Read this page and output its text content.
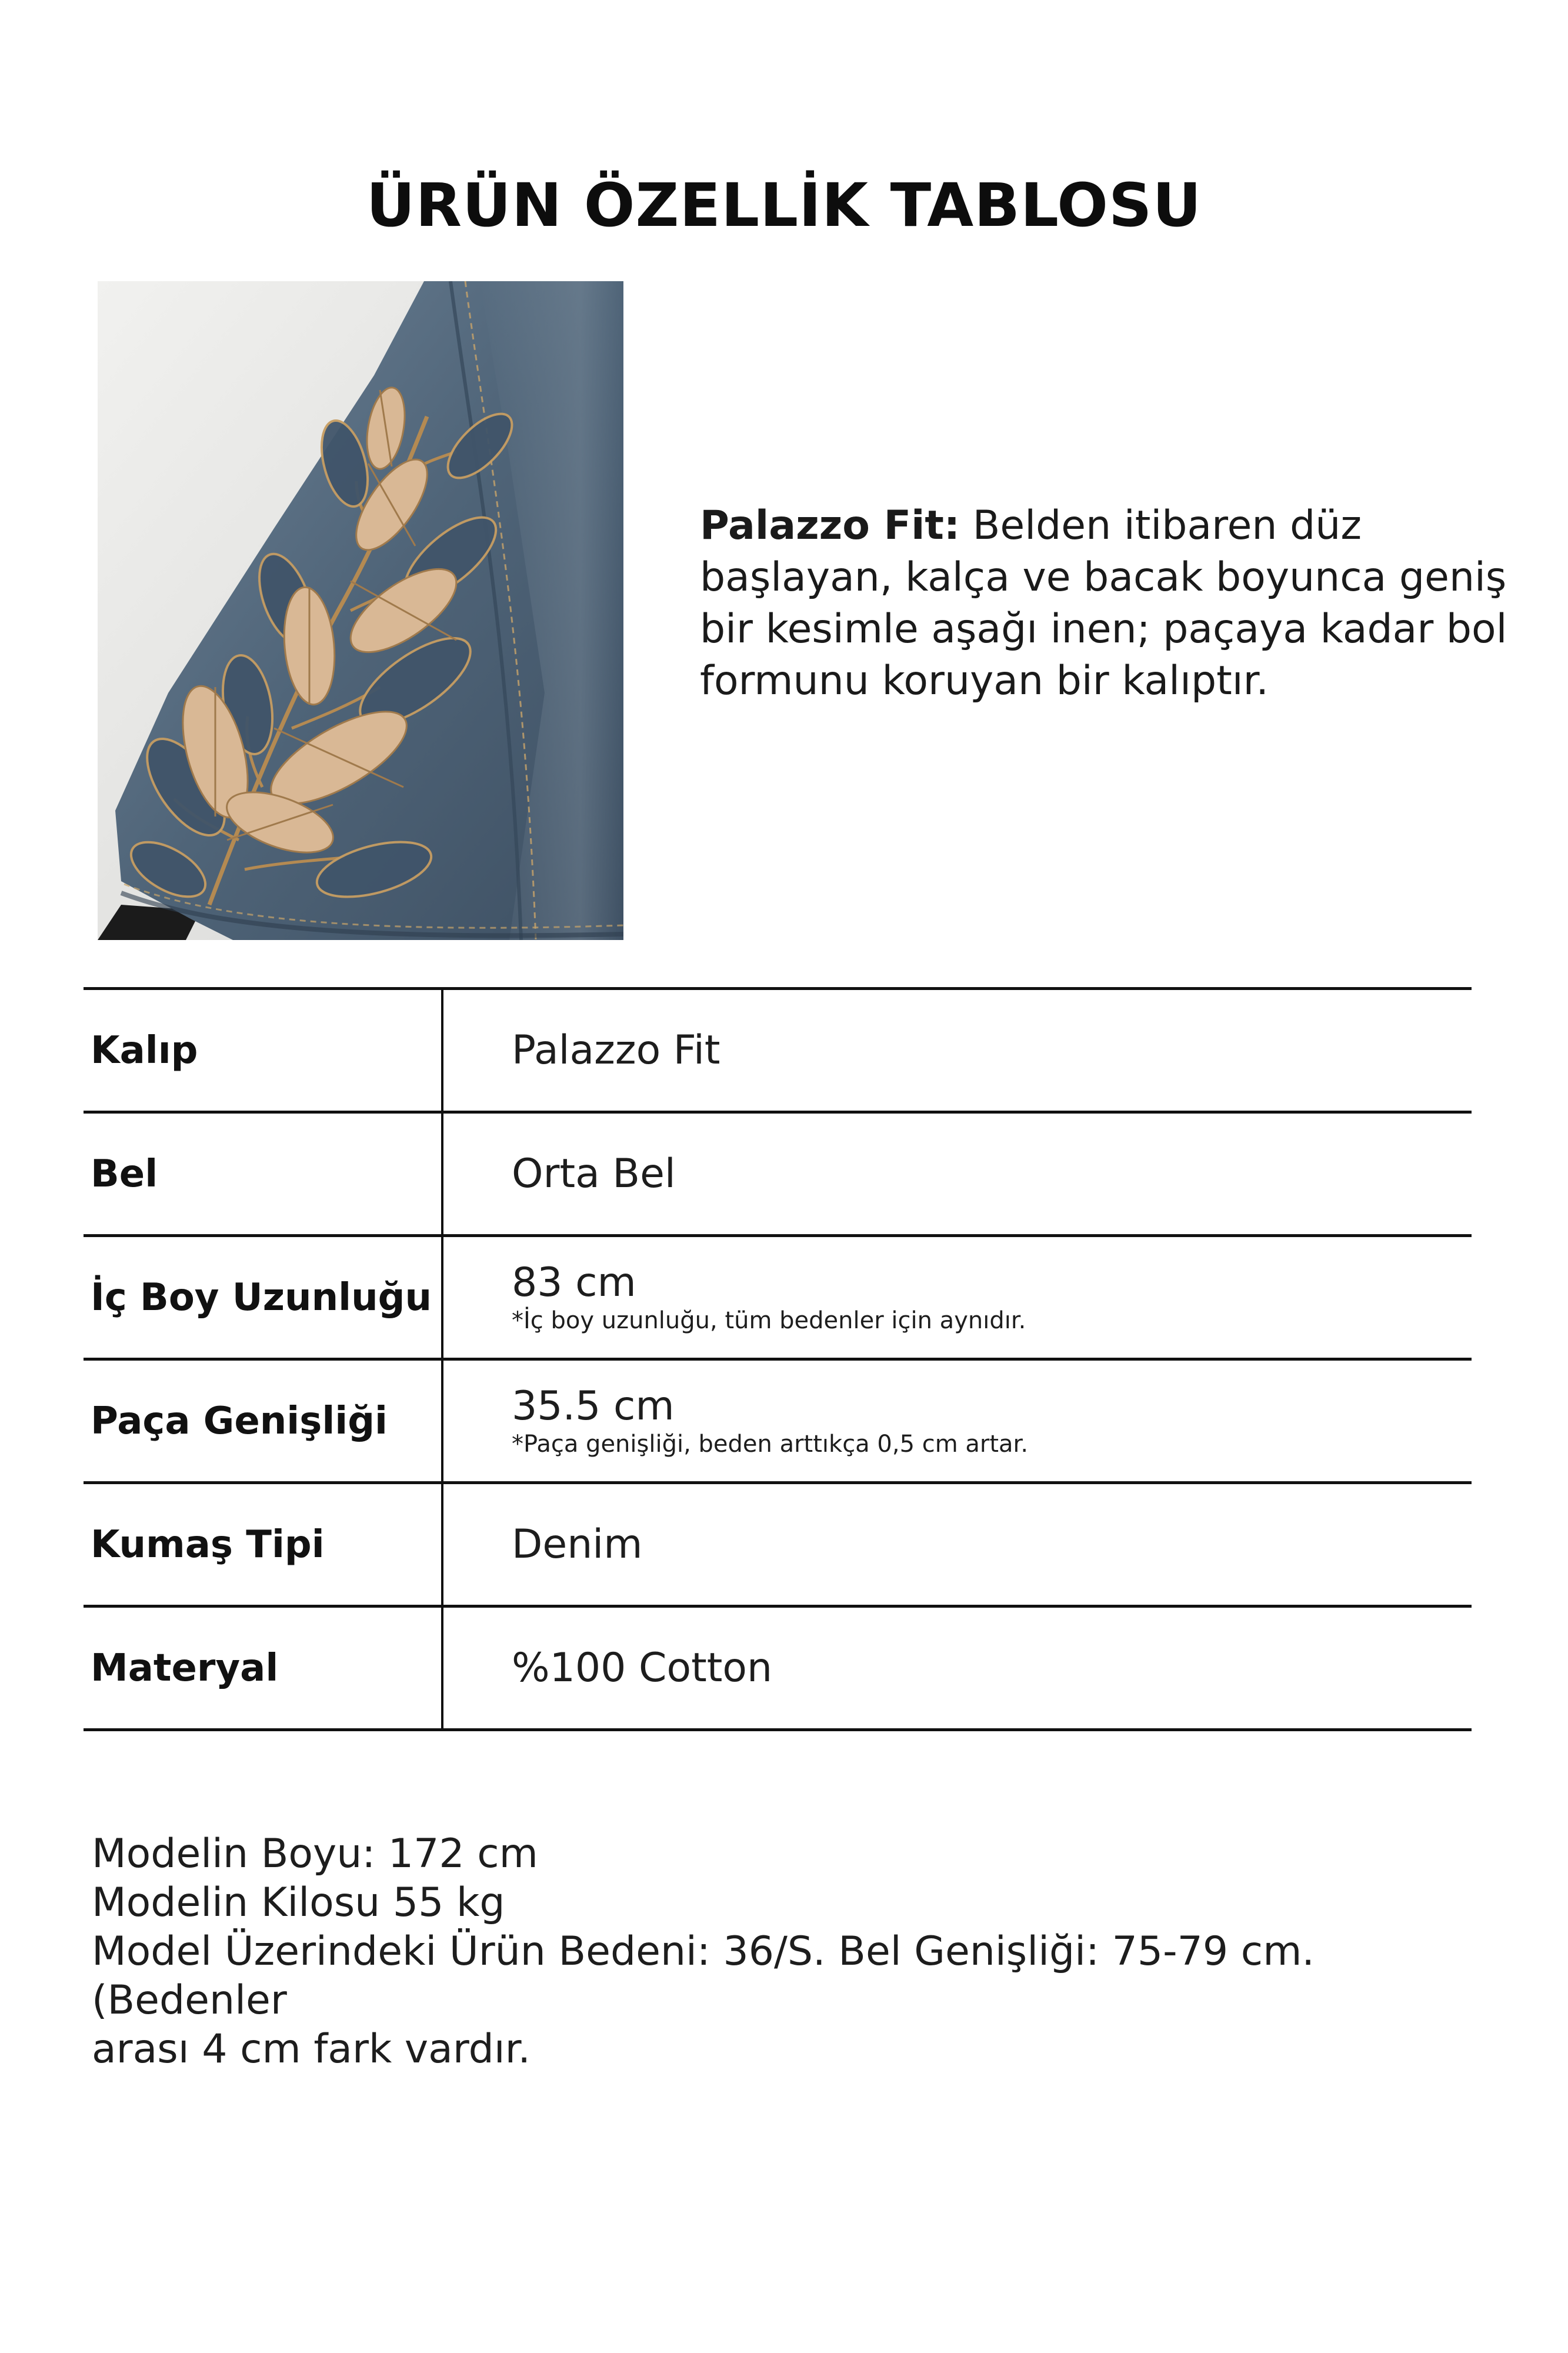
ÜRÜN ÖZELLİK TABLOSU

Palazzo Fit: Belden itibaren düz başlayan, kalça ve bacak boyunca geniş bir kesimle aşağı inen; paçaya kadar bol formunu koruyan bir kalıptır.

Kalıp	Palazzo Fit

Bel	Orta Bel

İç Boy Uzunluğu	83 cm
*İç boy uzunluğu, tüm bedenler için aynıdır.

Paça Genişliği	35.5 cm
*Paça genişliği, beden arttıkça 0,5 cm artar.

Kumaş Tipi	Denim

Materyal	%100 Cotton
Modelin Boyu: 172 cm
Modelin Kilosu 55 kg
Model Üzerindeki Ürün Bedeni: 36/S. Bel Genişliği: 75-79 cm. (Bedenler
arası 4 cm fark vardır.
